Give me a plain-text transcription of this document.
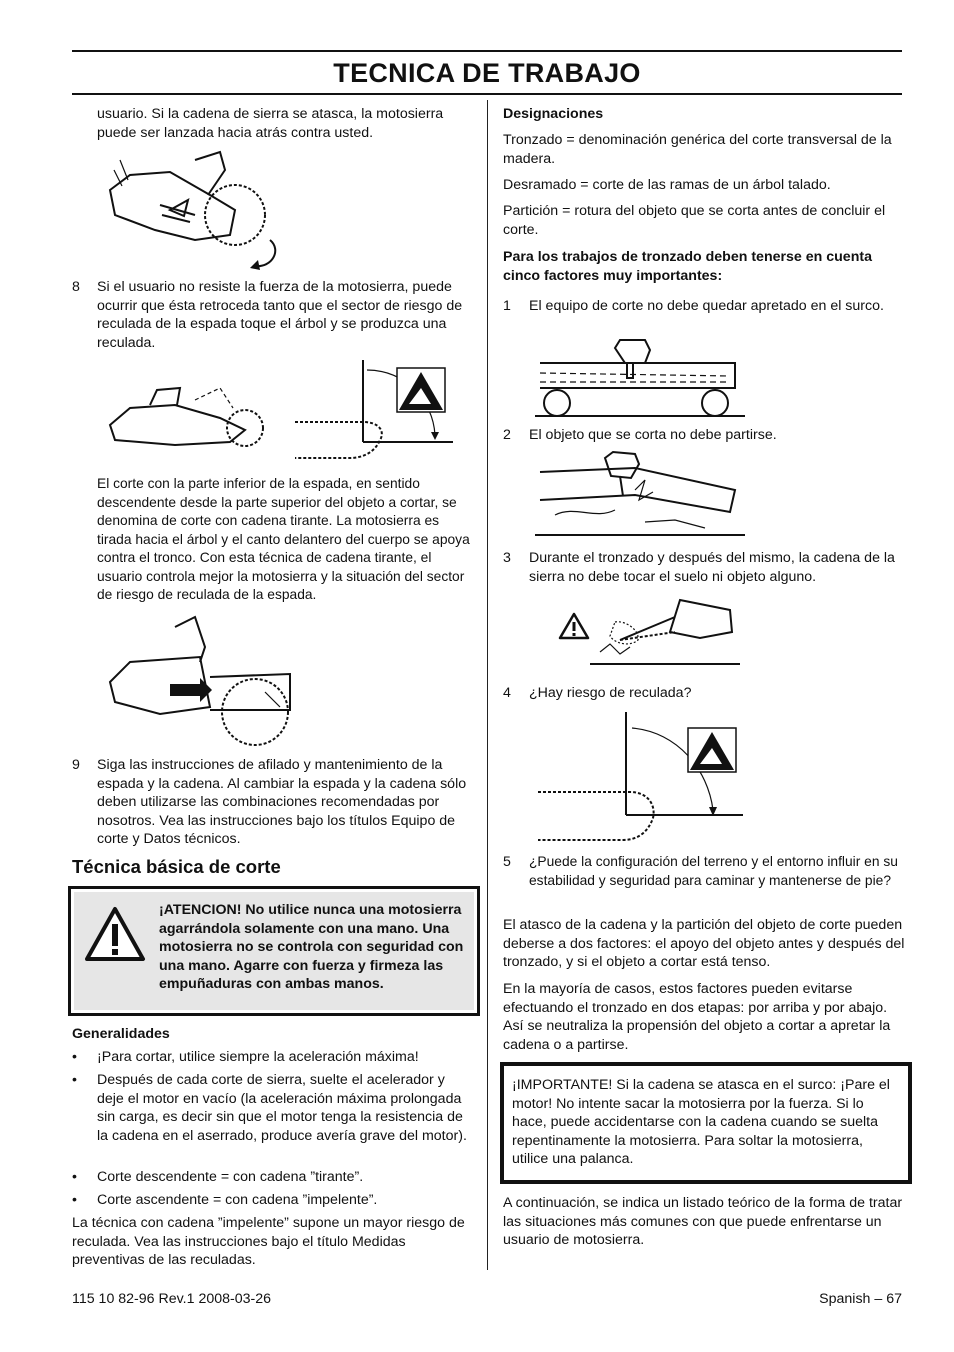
TECNICA DE TRABAJO

usuario. Si la cadena de sierra se atasca, la motosierra puede ser lanzada hacia atrás contra usted.

8 Si el usuario no resiste la fuerza de la motosierra, puede ocurrir que ésta retroceda tanto que el sector de riesgo de reculada de la espada toque el árbol y se produzca una reculada.

El corte con la parte inferior de la espada, en sentido descendente desde la parte superior del objeto a cortar, se denomina de corte con cadena tirante. La motosierra es tirada hacia el árbol y el canto delantero del cuerpo se apoya contra el tronco. Con esta técnica de cadena tirante, el usuario controla mejor la motosierra y la situación del sector de riesgo de reculada de la espada.

9 Siga las instrucciones de afilado y mantenimiento de la espada y la cadena. Al cambiar la espada y la cadena sólo deben utilizarse las combinaciones recomendadas por nosotros. Vea las instrucciones bajo los títulos Equipo de corte y Datos técnicos.

Técnica básica de corte

¡ATENCION! No utilice nunca una motosierra agarrándola solamente con una mano. Una motosierra no se controla con seguridad con una mano. Agarre con fuerza y firmeza las empuñaduras con ambas manos.

Generalidades
• ¡Para cortar, utilice siempre la aceleración máxima!

• Después de cada corte de sierra, suelte el acelerador y deje el motor en vacío (la aceleración máxima prolongada sin carga, es decir sin que el motor tenga la resistencia de la cadena en el aserrado, produce avería grave del motor).

• Corte descendente = con cadena ”tirante”.

• Corte ascendente = con cadena ”impelente”.

La técnica con cadena ”impelente” supone un mayor riesgo de reculada. Vea las instrucciones bajo el título Medidas preventivas de las reculadas.

Designaciones

Tronzado = denominación genérica del corte transversal de la madera.

Desramado = corte de las ramas de un árbol talado.

Partición = rotura del objeto que se corta antes de concluir el corte.

Para los trabajos de tronzado deben tenerse en cuenta cinco factores muy importantes:

1 El equipo de corte no debe quedar apretado en el surco.

2 El objeto que se corta no debe partirse.

3 Durante el tronzado y después del mismo, la cadena de la sierra no debe tocar el suelo ni objeto alguno.

4 ¿Hay riesgo de reculada?

5 ¿Puede la configuración del terreno y el entorno influir en su estabilidad y seguridad para caminar y mantenerse de pie?

El atasco de la cadena y la partición del objeto de corte pueden deberse a dos factores: el apoyo del objeto antes y después del tronzado, y si el objeto a cortar está tenso.

En la mayoría de casos, estos factores pueden evitarse efectuando el tronzado en dos etapas: por arriba y por abajo. Así se neutraliza la propensión del objeto a cortar a apretar la cadena o a partirse.

¡IMPORTANTE! Si la cadena se atasca en el surco: ¡Pare el motor! No intente sacar la motosierra por la fuerza. Si lo hace, puede accidentarse con la cadena cuando se suelta repentinamente la motosierra. Para soltar la motosierra, utilice una palanca.

A continuación, se indica un listado teórico de la forma de tratar las situaciones más comunes con que puede enfrentarse un usuario de motosierra.

115 10 82-96 Rev.1 2008-03-26	Spanish – 67
